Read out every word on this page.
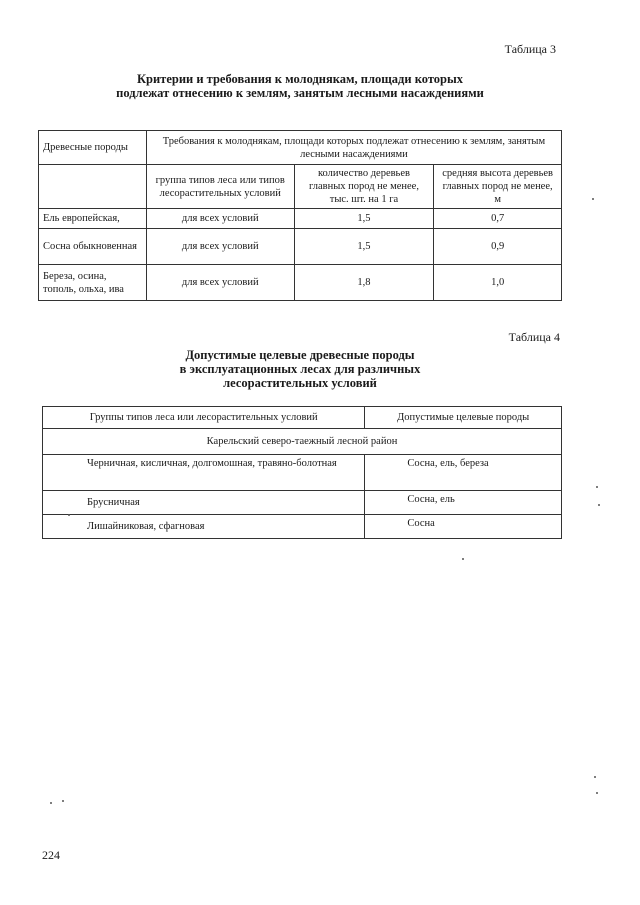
Таблица 3
Критерии и требования к молоднякам, площади которых
подлежат отнесению к землям, занятым лесными насаждениями
Древесные породы	Требования к молоднякам, площади которых подлежат отнесению к землям, занятым лесными насаждениями		
	группа типов леса или типов лесорастительных условий	количество деревьев главных пород не менее, тыс. шт. на 1 га	средняя высота деревьев главных пород не менее, м
Ель европейская,	для всех условий	1,5	0,7
Сосна обыкновенная	для всех условий	1,5	0,9
Береза, осина, тополь, ольха, ива	для всех условий	1,8	1,0
Таблица 4
Допустимые целевые древесные породы
в эксплуатационных лесах для различных
лесорастительных условий
Группы типов леса или лесорастительных условий	Допустимые целевые породы
Карельский северо-таежный лесной район	
Черничная, кисличная, долгомошная, травяно-болотная	Сосна, ель, береза
Брусничная	Сосна, ель
Лишайниковая, сфагновая	Сосна
224
